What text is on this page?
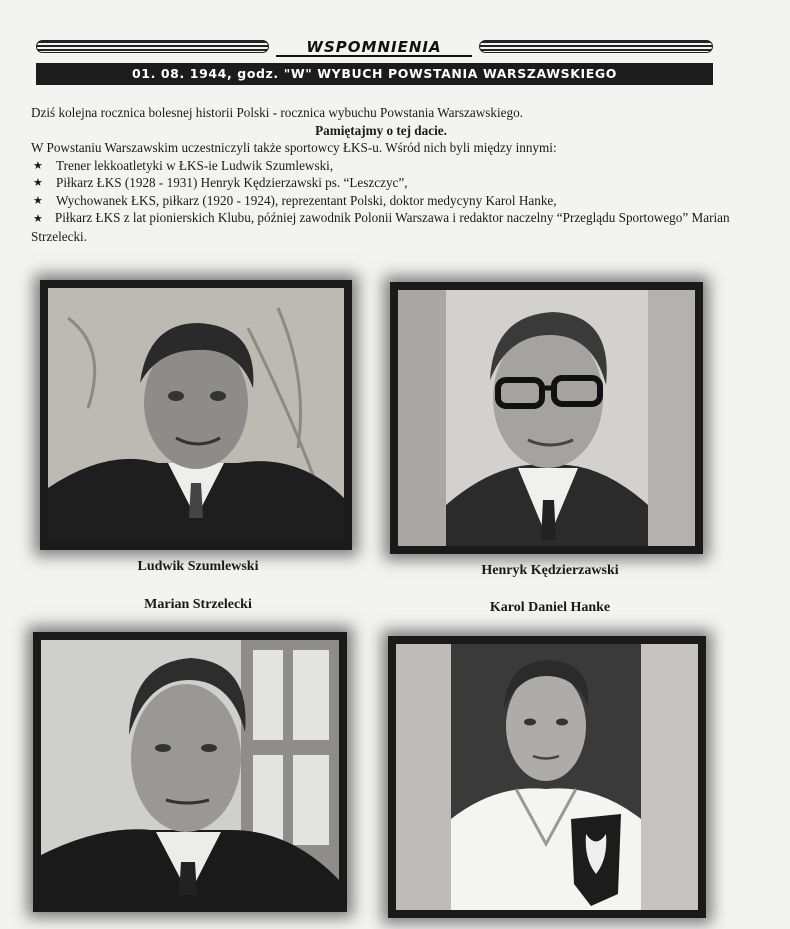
WSPOMNIENIA
01. 08. 1944, godz. "W" WYBUCH POWSTANIA WARSZAWSKIEGO

Dziś kolejna rocznica bolesnej historii Polski - rocznica wybuchu Powstania Warszawskiego.

Pamiętajmy o tej dacie.

W Powstaniu Warszawskim uczestniczyli także sportowcy ŁKS-u. Wśród nich byli między innymi:

★ Trener lekkoatletyki w ŁKS-ie Ludwik Szumlewski,

★ Piłkarz ŁKS (1928 - 1931) Henryk Kędzierzawski ps. “Leszczyc”,

★ Wychowanek ŁKS, piłkarz (1920 - 1924), reprezentant Polski, doktor medycyny Karol Hanke,

★ Piłkarz ŁKS z lat pionierskich Klubu, później zawodnik Polonii Warszawa i redaktor naczelny “Przeglądu Sportowego” Marian Strzelecki.

Ludwik Szumlewski	Henryk Kędzierzawski
Marian Strzelecki	Karol Daniel Hanke
